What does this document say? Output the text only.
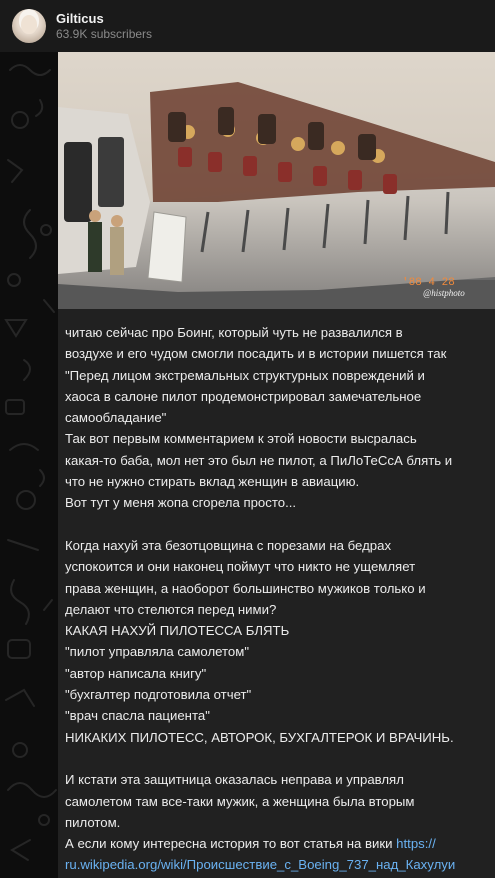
Gilticus
63.9K subscribers
'88 4 28
@histphoto
читаю сейчас про Боинг, который чуть не развалился в
воздухе и его чудом смогли посадить и в истории пишется так
"Перед лицом экстремальных структурных повреждений и
хаоса в салоне пилот продемонстрировал замечательное
самообладание"
Так вот первым комментарием к этой новости высралась
какая-то баба, мол нет это был не пилот, а ПиЛоТеСсА блять и
что не нужно стирать вклад женщин в авиацию.
Вот тут у меня жопа сгорела просто...
Когда нахуй эта безотцовщина с порезами на бедрах
успокоится и они наконец поймут что никто не ущемляет
права женщин, а наоборот большинство мужиков только и
делают что стелются перед ними?
КАКАЯ НАХУЙ ПИЛОТЕССА БЛЯТЬ
"пилот управляла самолетом"
"автор написала книгу"
"бухгалтер подготовила отчет"
"врач спасла пациента"
НИКАКИХ ПИЛОТЕСС, АВТОРОК, БУХГАЛТЕРОК И ВРАЧИНЬ.
И кстати эта защитница оказалась неправа и управлял
самолетом там все-таки мужик, а женщина была вторым
пилотом.
А если кому интересна история то вот статья на вики https://
ru.wikipedia.org/wiki/Происшествие_с_Boeing_737_над_Кахулуи
